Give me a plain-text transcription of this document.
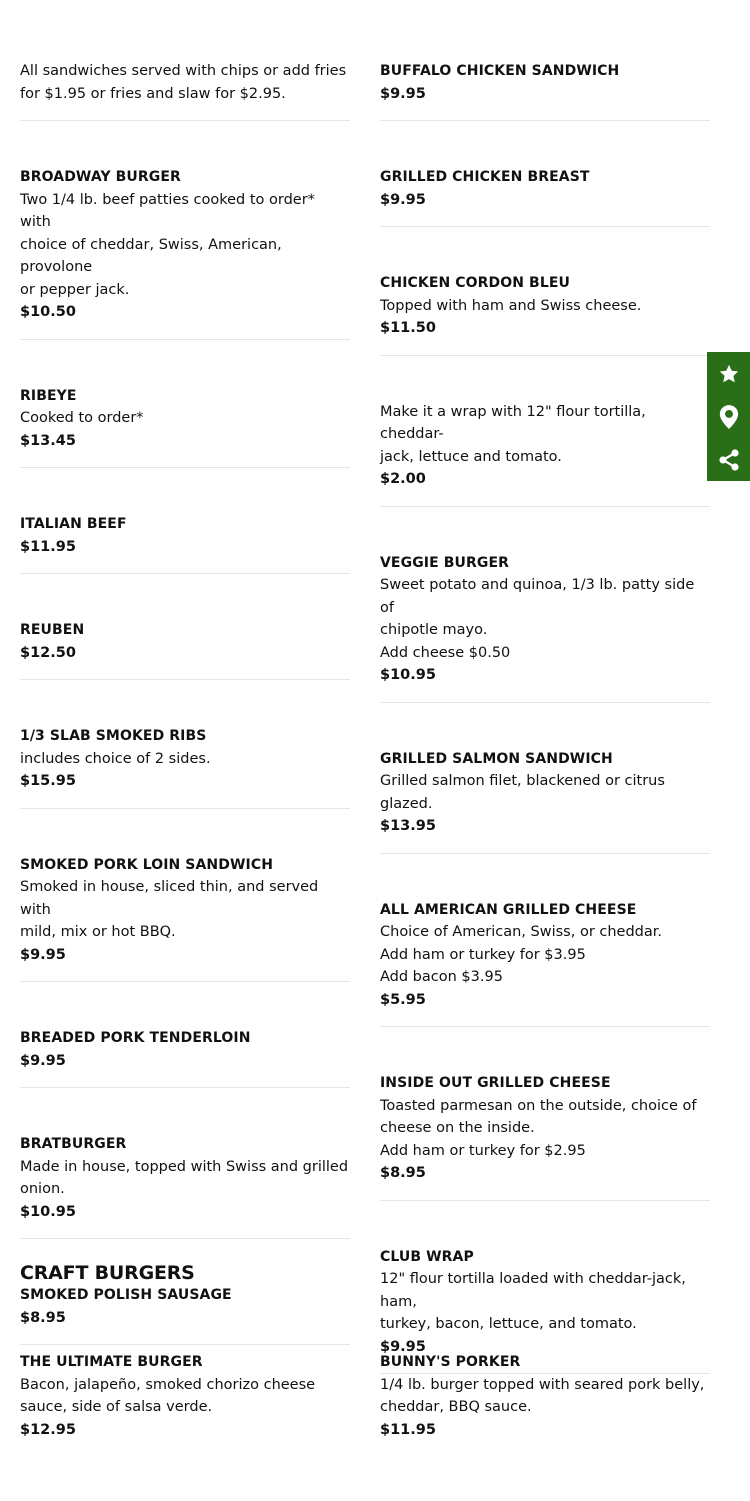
All sandwiches served with chips or add fries
for $1.95 or fries and slaw for $2.95.
BROADWAY BURGER
Two 1/4 lb. beef patties cooked to order* with
choice of cheddar, Swiss, American, provolone
or pepper jack.
$10.50
RIBEYE
Cooked to order*
$13.45
ITALIAN BEEF
$11.95
REUBEN
$12.50
1/3 SLAB SMOKED RIBS
includes choice of 2 sides.
$15.95
SMOKED PORK LOIN SANDWICH
Smoked in house, sliced thin, and served with
mild, mix or hot BBQ.
$9.95
BREADED PORK TENDERLOIN
$9.95
BRATBURGER
Made in house, topped with Swiss and grilled
onion.
$10.95
SMOKED POLISH SAUSAGE
$8.95
BUFFALO CHICKEN SANDWICH
$9.95
GRILLED CHICKEN BREAST
$9.95
CHICKEN CORDON BLEU
Topped with ham and Swiss cheese.
$11.50
Make it a wrap with 12" flour tortilla, cheddar-
jack, lettuce and tomato.
$2.00
VEGGIE BURGER
Sweet potato and quinoa, 1/3 lb. patty side of
chipotle mayo.
Add cheese $0.50
$10.95
GRILLED SALMON SANDWICH
Grilled salmon filet, blackened or citrus glazed.
$13.95
ALL AMERICAN GRILLED CHEESE
Choice of American, Swiss, or cheddar.
Add ham or turkey for $3.95
Add bacon $3.95
$5.95
INSIDE OUT GRILLED CHEESE
Toasted parmesan on the outside, choice of
cheese on the inside.
Add ham or turkey for $2.95
$8.95
CLUB WRAP
12" flour tortilla loaded with cheddar-jack, ham,
turkey, bacon, lettuce, and tomato.
$9.95
CRAFT BURGERS
THE ULTIMATE BURGER
Bacon, jalapeño, smoked chorizo cheese
sauce, side of salsa verde.
$12.95
BUNNY'S PORKER
1/4 lb. burger topped with seared pork belly,
cheddar, BBQ sauce.
$11.95
